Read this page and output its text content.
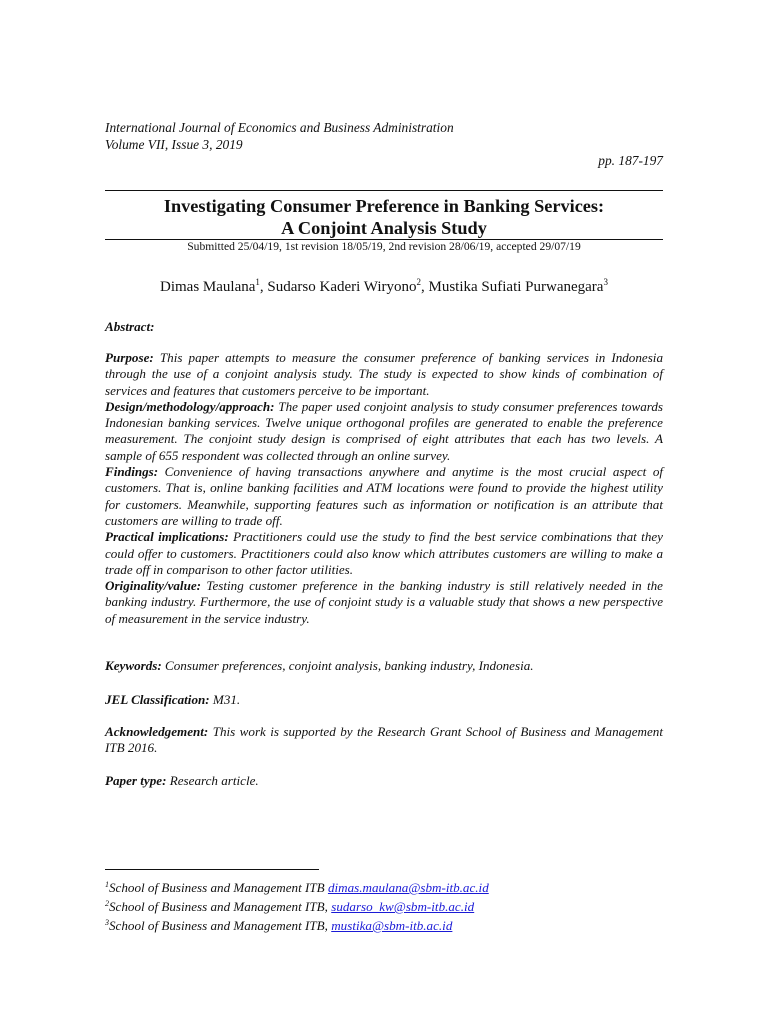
International Journal of Economics and Business Administration
Volume VII, Issue 3, 2019
pp. 187-197
Investigating Consumer Preference in Banking Services:
A Conjoint Analysis Study
Submitted 25/04/19, 1st revision 18/05/19, 2nd revision 28/06/19, accepted 29/07/19
Dimas Maulana$^1$, Sudarso Kaderi Wiryono$^2$, Mustika Sufiati Purwanegara$^3$
Abstract:

Purpose: This paper attempts to measure the consumer preference of banking services in Indonesia through the use of a conjoint analysis study. The study is expected to show kinds of combination of services and features that customers perceive to be important.

Design/methodology/approach: The paper used conjoint analysis to study consumer preferences towards Indonesian banking services. Twelve unique orthogonal profiles are generated to enable the preference measurement. The conjoint study design is comprised of eight attributes that each has two levels. A sample of 655 respondent was collected through an online survey.

Findings: Convenience of having transactions anywhere and anytime is the most crucial aspect of customers. That is, online banking facilities and ATM locations were found to provide the highest utility for customers. Meanwhile, supporting features such as information or notification is an attribute that customers are willing to trade off.

Practical implications: Practitioners could use the study to find the best service combinations that they could offer to customers. Practitioners could also know which attributes customers are willing to make a trade off in comparison to other factor utilities.

Originality/value: Testing customer preference in the banking industry is still relatively needed in the banking industry. Furthermore, the use of conjoint study is a valuable study that shows a new perspective of measurement in the service industry.

Keywords: Consumer preferences, conjoint analysis, banking industry, Indonesia.
JEL Classification: M31.
Acknowledgement: This work is supported by the Research Grant School of Business and Management ITB 2016.
Paper type: Research article.
$^1$School of Business and Management ITB dimas.maulana@sbm-itb.ac.id
$^2$School of Business and Management ITB, sudarso_kw@sbm-itb.ac.id
$^3$School of Business and Management ITB, mustika@sbm-itb.ac.id
